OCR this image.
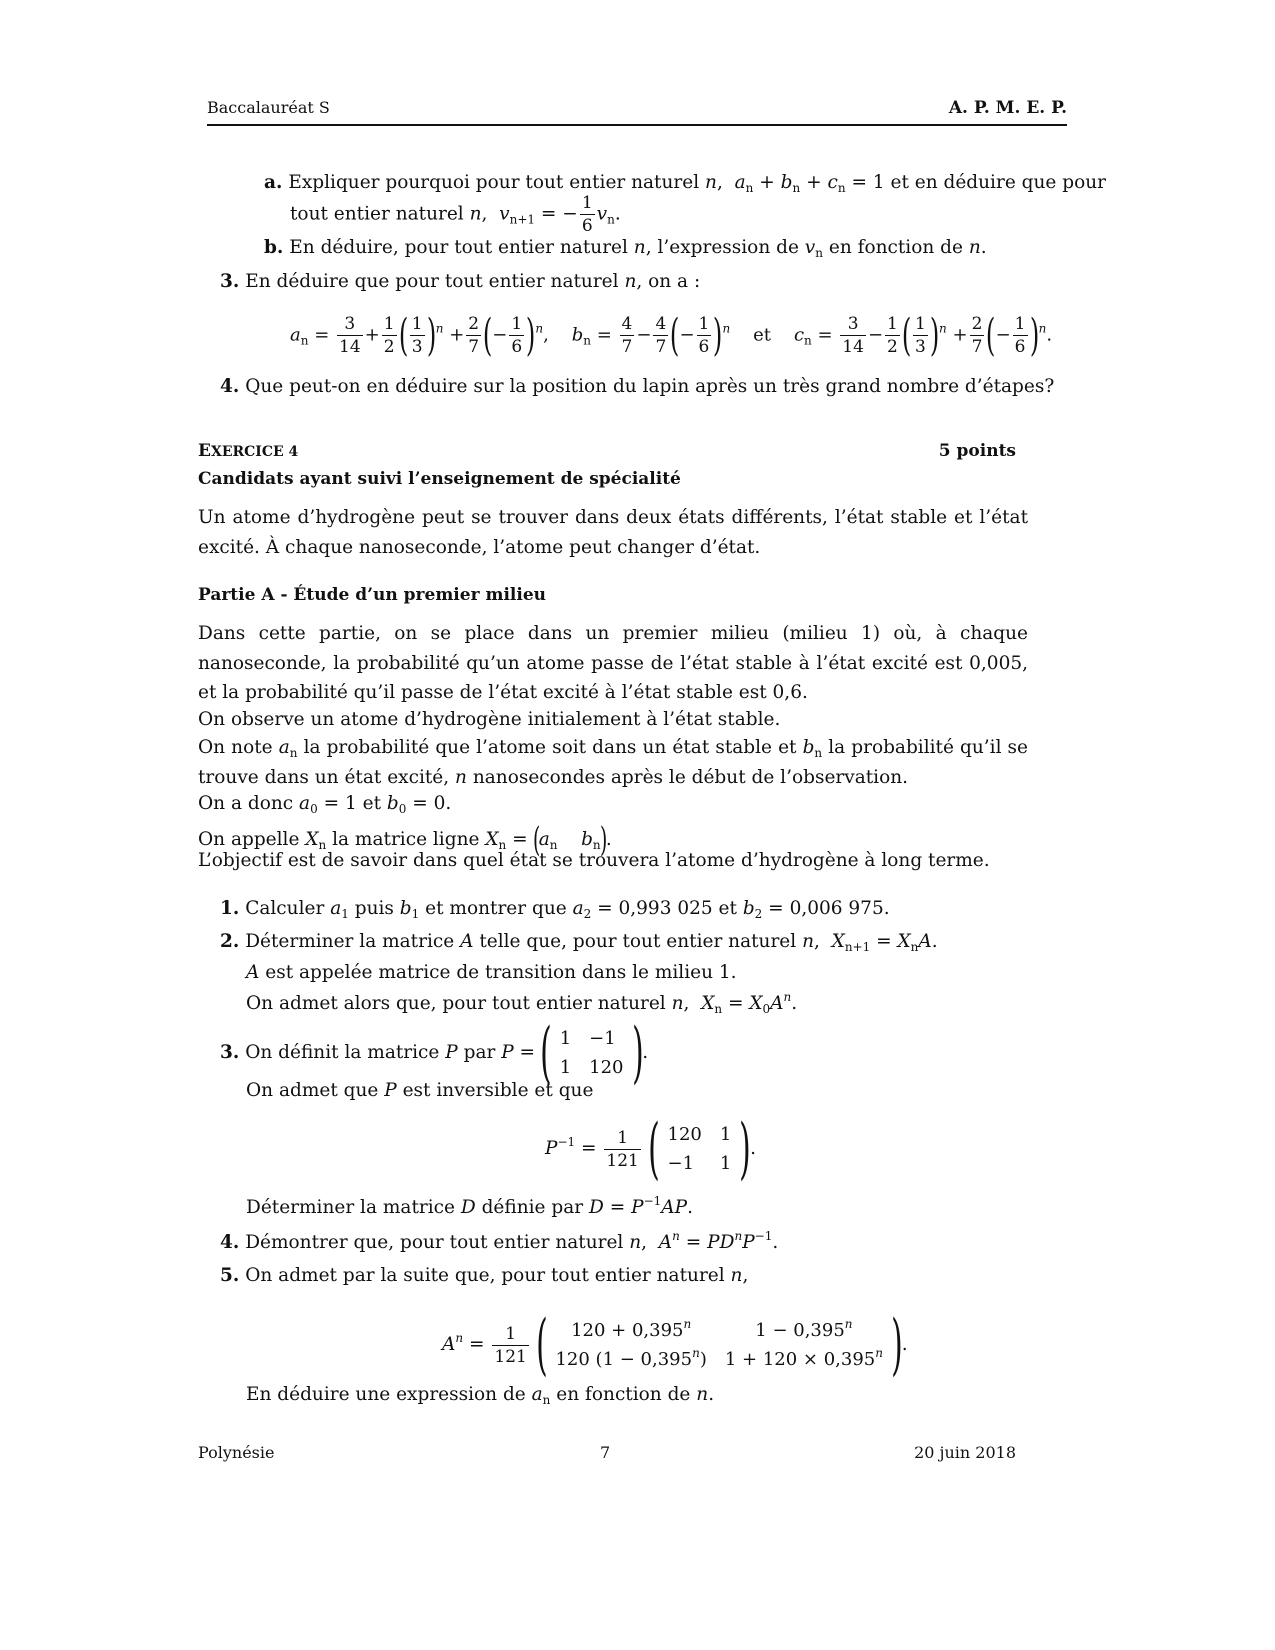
Baccalauréat S	A. P. M. E. P.
a. Expliquer pourquoi pour tout entier naturel n,  $a_n + b_n + c_n = 1$ et en déduire que pour
tout entier naturel n,  $v_{n+1}$ = − $\frac{1}{6} v_n$.
b. En déduire, pour tout entier naturel n, l’expression de $v_n$ en fonction de n.
3. En déduire que pour tout entier naturel n, on a :
$a_n = \frac{3}{14} + \frac{1}{2}$ ( $\frac{1}{3} )^n + \frac{2}{7}$ (− $\frac{1}{6} )^n$,    $b_n = \frac{4}{7} - \frac{4}{7}$ (− $\frac{1}{6} )^n$ et $c_n = \frac{3}{14} - \frac{1}{2}$ ( $\frac{1}{3} )^n + \frac{2}{7}$ (− $\frac{1}{6} )^n$.
4. Que peut-on en déduire sur la position du lapin après un très grand nombre d’étapes?
EXERCICE 4	5 points
Candidats ayant suivi l’enseignement de spécialité
Un atome d’hydrogène peut se trouver dans deux états différents, l’état stable et l’état excité. À chaque nanoseconde, l’atome peut changer d’état.
Partie A - Étude d’un premier milieu
Dans cette partie, on se place dans un premier milieu (milieu 1) où, à chaque nanoseconde, la probabilité qu’un atome passe de l’état stable à l’état excité est 0,005, et la probabilité qu’il passe de l’état excité à l’état stable est 0,6.
On observe un atome d’hydrogène initialement à l’état stable.
On note $a_n$ la probabilité que l’atome soit dans un état stable et $b_n$ la probabilité qu’il se trouve dans un état excité, n nanosecondes après le début de l’observation.
On a donc $a_0 = 1$ et $b_0 = 0$.
On appelle $X_n$ la matrice ligne $X_n = (a_n$ $b_n$).
L’objectif est de savoir dans quel état se trouvera l’atome d’hydrogène à long terme.
1. Calculer $a_1$ puis $b_1$ et montrer que $a_2 = 0,993$ 025 et $b_2 = 0,006$ 975.
2. Déterminer la matrice A telle que, pour tout entier naturel n,  $X_{n+1} = X_nA$.
A est appelée matrice de transition dans le milieu 1.
On admet alors que, pour tout entier naturel n,  $X_n = X_0A^n$.
3. On définit la matrice P par P = ( 1	−1
1	120 ).
On admet que P est inversible et que
$P^{-1} = \frac{1}{121}$ ( 120	1
−1	1 ).
Déterminer la matrice D définie par $D = P^{-1}AP$.
4. Démontrer que, pour tout entier naturel n,  $A^n = PD^nP^{-1}$.
5. On admet par la suite que, pour tout entier naturel n,
$A^n = \frac{1}{121}$ ( $120 + 0,395^n$	$1 - 0,395^n$
120 $(1 - 0,395^n)$	$1 + 120 \times 0,395^n$ ).
En déduire une expression de $a_n$ en fonction de n.
Polynésie	7	20 juin 2018
